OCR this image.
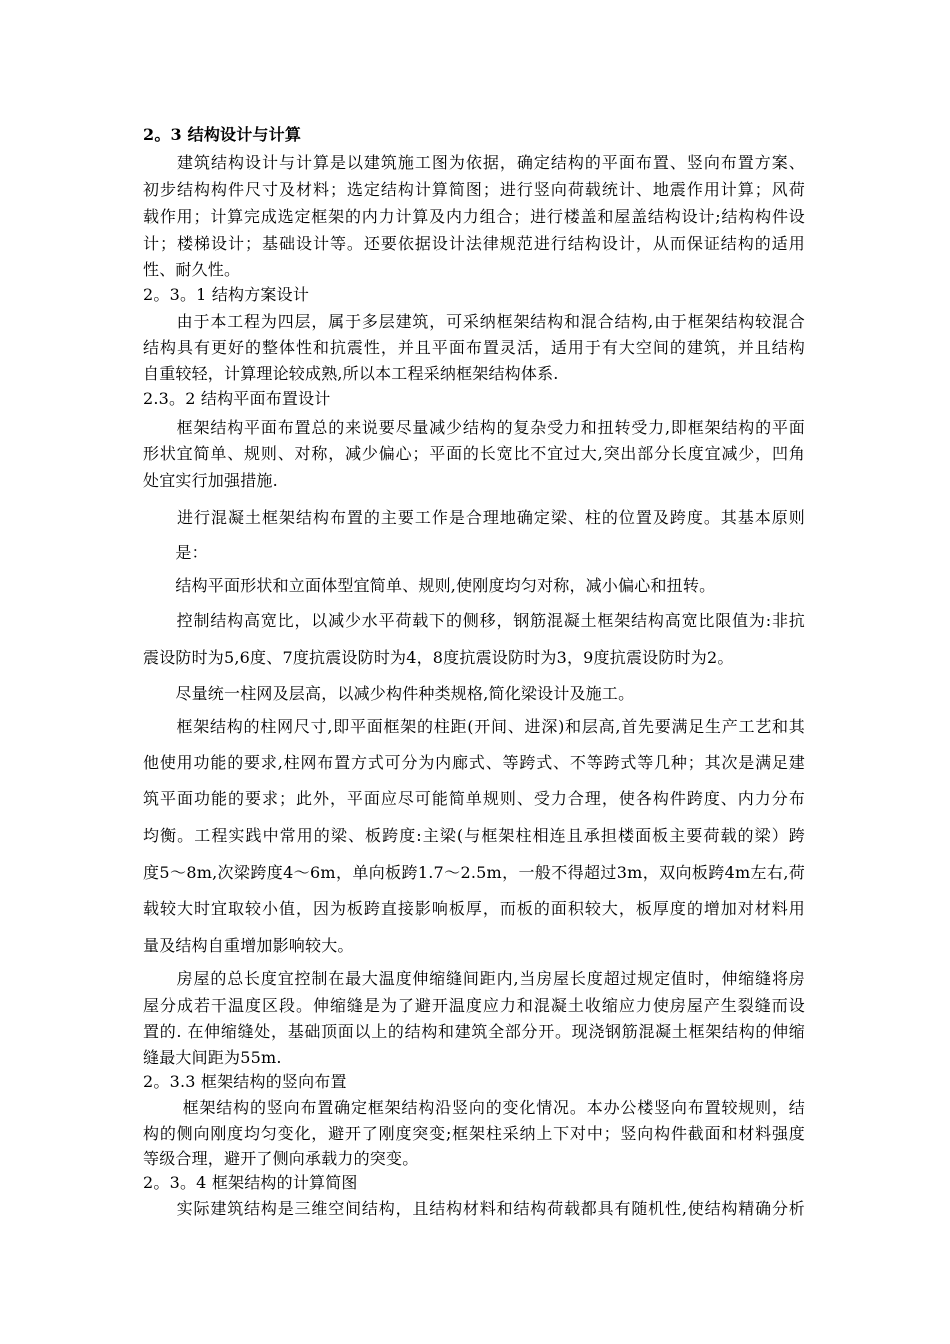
2。3 结构设计与计算
　　建筑结构设计与计算是以建筑施工图为依据，确定结构的平面布置、竖向布置方案、
初步结构构件尺寸及材料；选定结构计算简图；进行竖向荷载统计、地震作用计算；风荷
载作用；计算完成选定框架的内力计算及内力组合；进行楼盖和屋盖结构设计;结构构件设
计；楼梯设计；基础设计等。还要依据设计法律规范进行结构设计，从而保证结构的适用
性、耐久性。
2。3。1 结构方案设计
　　由于本工程为四层，属于多层建筑，可采纳框架结构和混合结构,由于框架结构较混合
结构具有更好的整体性和抗震性，并且平面布置灵活，适用于有大空间的建筑，并且结构
自重较轻，计算理论较成熟,所以本工程采纳框架结构体系.
2.3。2 结构平面布置设计
　　框架结构平面布置总的来说要尽量减少结构的复杂受力和扭转受力,即框架结构的平面
形状宜简单、规则、对称，减少偏心；平面的长宽比不宜过大,突出部分长度宜减少，凹角
处宜实行加强措施.
　　进行混凝土框架结构布置的主要工作是合理地确定梁、柱的位置及跨度。其基本原则
　　是：
　　结构平面形状和立面体型宜简单、规则,使刚度均匀对称，减小偏心和扭转。
　　控制结构高宽比，以减少水平荷载下的侧移，钢筋混凝土框架结构高宽比限值为:非抗
震设防时为5,6度、7度抗震设防时为4，8度抗震设防时为3，9度抗震设防时为2。
　　尽量统一柱网及层高，以减少构件种类规格,简化梁设计及施工。
　　框架结构的柱网尺寸,即平面框架的柱距(开间、进深)和层高,首先要满足生产工艺和其
他使用功能的要求,柱网布置方式可分为内廊式、等跨式、不等跨式等几种；其次是满足建
筑平面功能的要求；此外，平面应尽可能简单规则、受力合理，使各构件跨度、内力分布
均衡。工程实践中常用的梁、板跨度:主梁(与框架柱相连且承担楼面板主要荷载的梁）跨
度5～8m,次梁跨度4～6m，单向板跨1.7～2.5m，一般不得超过3m，双向板跨4m左右,荷
载较大时宜取较小值，因为板跨直接影响板厚，而板的面积较大，板厚度的增加对材料用
量及结构自重增加影响较大。
　　房屋的总长度宜控制在最大温度伸缩缝间距内,当房屋长度超过规定值时，伸缩缝将房
屋分成若干温度区段。伸缩缝是为了避开温度应力和混凝土收缩应力使房屋产生裂缝而设
置的. 在伸缩缝处，基础顶面以上的结构和建筑全部分开。现浇钢筋混凝土框架结构的伸缩
缝最大间距为55m.
2。3.3 框架结构的竖向布置
　　 框架结构的竖向布置确定框架结构沿竖向的变化情况。本办公楼竖向布置较规则，结
构的侧向刚度均匀变化，避开了刚度突变;框架柱采纳上下对中；竖向构件截面和材料强度
等级合理，避开了侧向承载力的突变。
2。3。4 框架结构的计算简图
　　实际建筑结构是三维空间结构，且结构材料和结构荷载都具有随机性,使结构精确分析
